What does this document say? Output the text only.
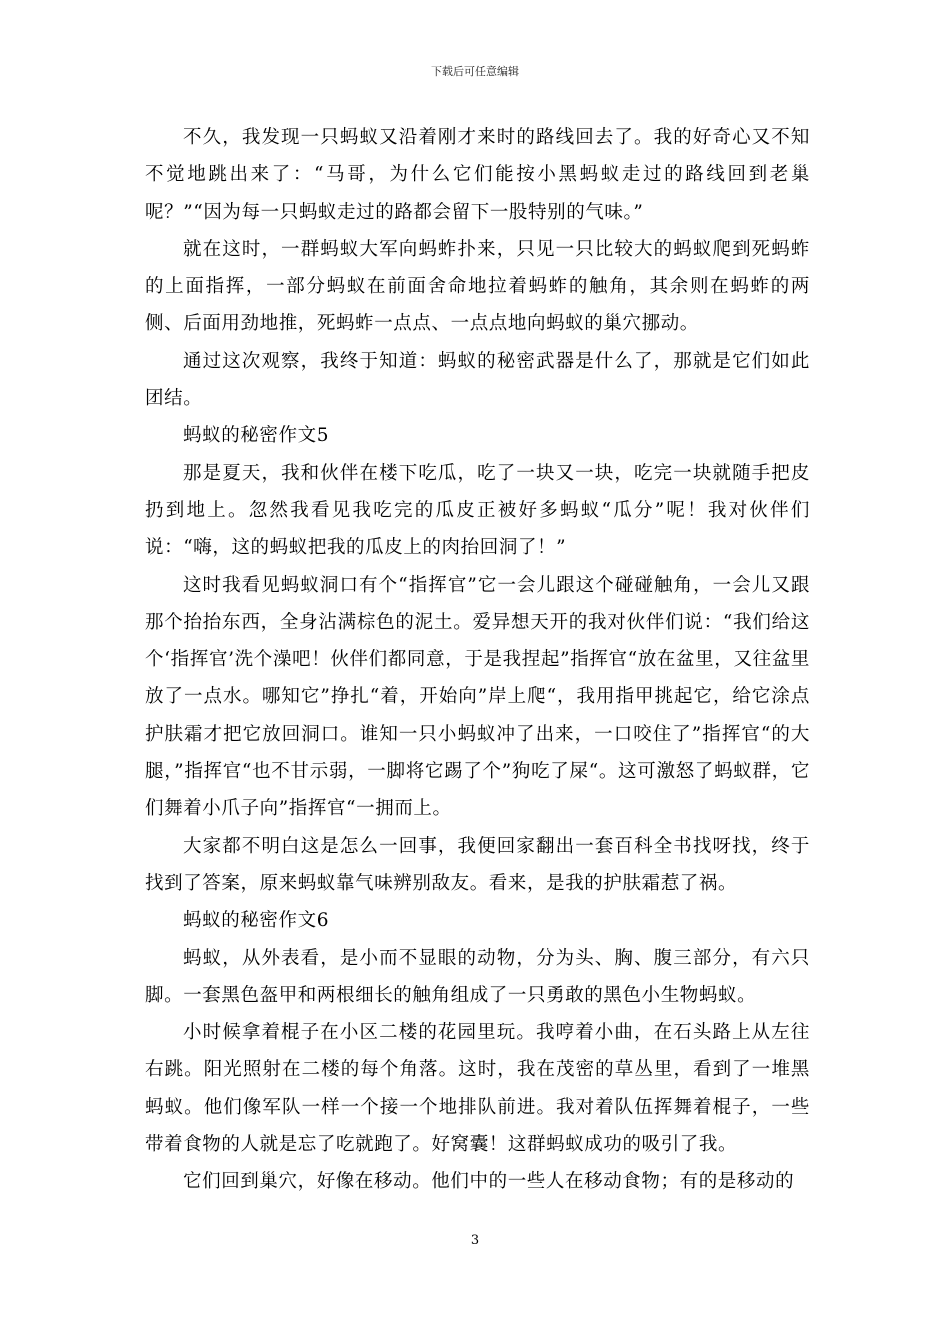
下载后可任意编辑

不久，我发现一只蚂蚁又沿着刚才来时的路线回去了。我的好奇心又不知不觉地跳出来了：“马哥，为什么它们能按小黑蚂蚁走过的路线回到老巢呢？”“因为每一只蚂蚁走过的路都会留下一股特别的气味。”

就在这时，一群蚂蚁大军向蚂蚱扑来，只见一只比较大的蚂蚁爬到死蚂蚱的上面指挥，一部分蚂蚁在前面舍命地拉着蚂蚱的触角，其余则在蚂蚱的两侧、后面用劲地推，死蚂蚱一点点、一点点地向蚂蚁的巢穴挪动。

通过这次观察，我终于知道：蚂蚁的秘密武器是什么了，那就是它们如此团结。

蚂蚁的秘密作文5

那是夏天，我和伙伴在楼下吃瓜，吃了一块又一块，吃完一块就随手把皮扔到地上。忽然我看见我吃完的瓜皮正被好多蚂蚁“瓜分”呢！我对伙伴们说：“嗨，这的蚂蚁把我的瓜皮上的肉抬回洞了！”

这时我看见蚂蚁洞口有个“指挥官”它一会儿跟这个碰碰触角，一会儿又跟那个抬抬东西，全身沾满棕色的泥土。爱异想天开的我对伙伴们说：“我们给这个‘指挥官’洗个澡吧！伙伴们都同意，于是我捏起”指挥官“放在盆里，又往盆里放了一点水。哪知它”挣扎“着，开始向”岸上爬“，我用指甲挑起它，给它涂点护肤霜才把它放回洞口。谁知一只小蚂蚁冲了出来，一口咬住了”指挥官“的大腿，”指挥官“也不甘示弱，一脚将它踢了个”狗吃了屎“。这可激怒了蚂蚁群，它们舞着小爪子向”指挥官“一拥而上。

大家都不明白这是怎么一回事，我便回家翻出一套百科全书找呀找，终于找到了答案，原来蚂蚁靠气味辨别敌友。看来，是我的护肤霜惹了祸。

蚂蚁的秘密作文6

蚂蚁，从外表看，是小而不显眼的动物，分为头、胸、腹三部分，有六只脚。一套黑色盔甲和两根细长的触角组成了一只勇敢的黑色小生物蚂蚁。

小时候拿着棍子在小区二楼的花园里玩。我哼着小曲，在石头路上从左往右跳。阳光照射在二楼的每个角落。这时，我在茂密的草丛里，看到了一堆黑蚂蚁。他们像军队一样一个接一个地排队前进。我对着队伍挥舞着棍子，一些带着食物的人就是忘了吃就跑了。好窝囊！这群蚂蚁成功的吸引了我。

它们回到巢穴，好像在移动。他们中的一些人在移动食物；有的是移动的

3
